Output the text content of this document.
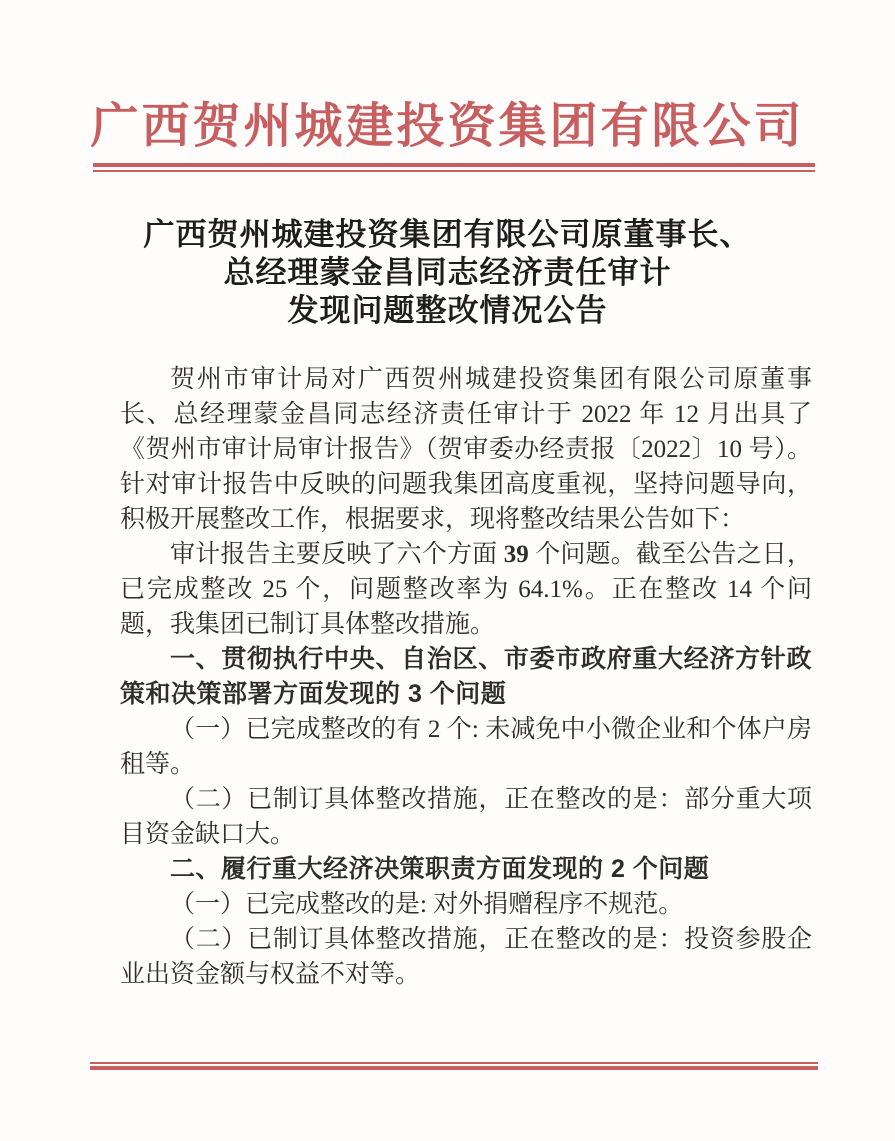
广西贺州城建投资集团有限公司
广西贺州城建投资集团有限公司原董事长、
总经理蒙金昌同志经济责任审计
发现问题整改情况公告

贺州市审计局对广西贺州城建投资集团有限公司原董事长、总经理蒙金昌同志经济责任审计于 2022 年 12 月出具了《贺州市审计局审计报告》（贺审委办经责报〔2022〕10 号）。针对审计报告中反映的问题我集团高度重视，坚持问题导向，积极开展整改工作，根据要求，现将整改结果公告如下：

审计报告主要反映了六个方面 39 个问题。截至公告之日，已完成整改 25 个，问题整改率为 64.1%。正在整改 14 个问题，我集团已制订具体整改措施。

一、贯彻执行中央、自治区、市委市政府重大经济方针政策和决策部署方面发现的 3 个问题

（一）已完成整改的有 2 个: 未减免中小微企业和个体户房租等。

（二）已制订具体整改措施，正在整改的是：部分重大项目资金缺口大。

二、履行重大经济决策职责方面发现的 2 个问题

（一）已完成整改的是: 对外捐赠程序不规范。

（二）已制订具体整改措施，正在整改的是：投资参股企业出资金额与权益不对等。
